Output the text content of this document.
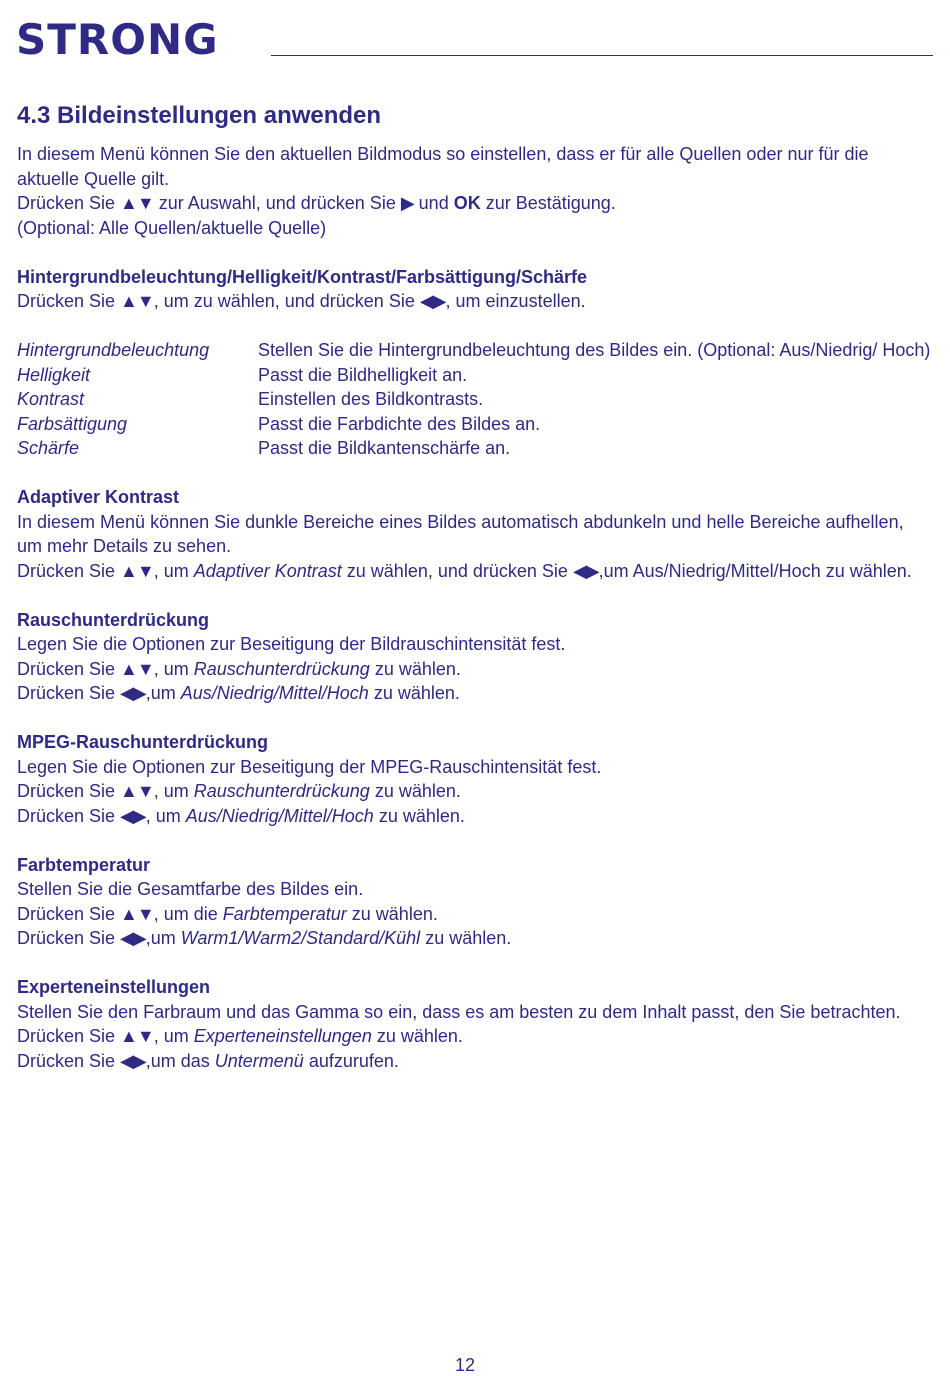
STRONG
4.3 Bildeinstellungen anwenden

In diesem Menü können Sie den aktuellen Bildmodus so einstellen, dass er für alle Quellen oder nur für die aktuelle Quelle gilt.

Drücken Sie ▲▼ zur Auswahl, und drücken Sie ▶ und OK zur Bestätigung.

(Optional: Alle Quellen/aktuelle Quelle)

Hintergrundbeleuchtung/Helligkeit/Kontrast/Farbsättigung/Schärfe

Drücken Sie ▲▼, um zu wählen, und drücken Sie ◀▶, um einzustellen.

Hintergrundbeleuchtung	Stellen Sie die Hintergrundbeleuchtung des Bildes ein. (Optional: Aus/Niedrig/ Hoch)
Helligkeit	Passt die Bildhelligkeit an.
Kontrast	Einstellen des Bildkontrasts.
Farbsättigung	Passt die Farbdichte des Bildes an.
Schärfe	Passt die Bildkantenschärfe an.

Adaptiver Kontrast

In diesem Menü können Sie dunkle Bereiche eines Bildes automatisch abdunkeln und helle Bereiche aufhellen, um mehr Details zu sehen.

Drücken Sie ▲▼, um Adaptiver Kontrast zu wählen, und drücken Sie ◀▶,um Aus/Niedrig/Mittel/Hoch zu wählen.

Rauschunterdrückung

Legen Sie die Optionen zur Beseitigung der Bildrauschintensität fest.

Drücken Sie ▲▼, um Rauschunterdrückung zu wählen.

Drücken Sie ◀▶,um Aus/Niedrig/Mittel/Hoch zu wählen.

MPEG-Rauschunterdrückung

Legen Sie die Optionen zur Beseitigung der MPEG-Rauschintensität fest.

Drücken Sie ▲▼, um Rauschunterdrückung zu wählen.

Drücken Sie ◀▶, um Aus/Niedrig/Mittel/Hoch zu wählen.

Farbtemperatur

Stellen Sie die Gesamtfarbe des Bildes ein.

Drücken Sie ▲▼, um die Farbtemperatur zu wählen.

Drücken Sie ◀▶,um Warm1/Warm2/Standard/Kühl zu wählen.

Experteneinstellungen

Stellen Sie den Farbraum und das Gamma so ein, dass es am besten zu dem Inhalt passt, den Sie betrachten.

Drücken Sie ▲▼, um Experteneinstellungen zu wählen.

Drücken Sie ◀▶,um das Untermenü aufzurufen.

12
